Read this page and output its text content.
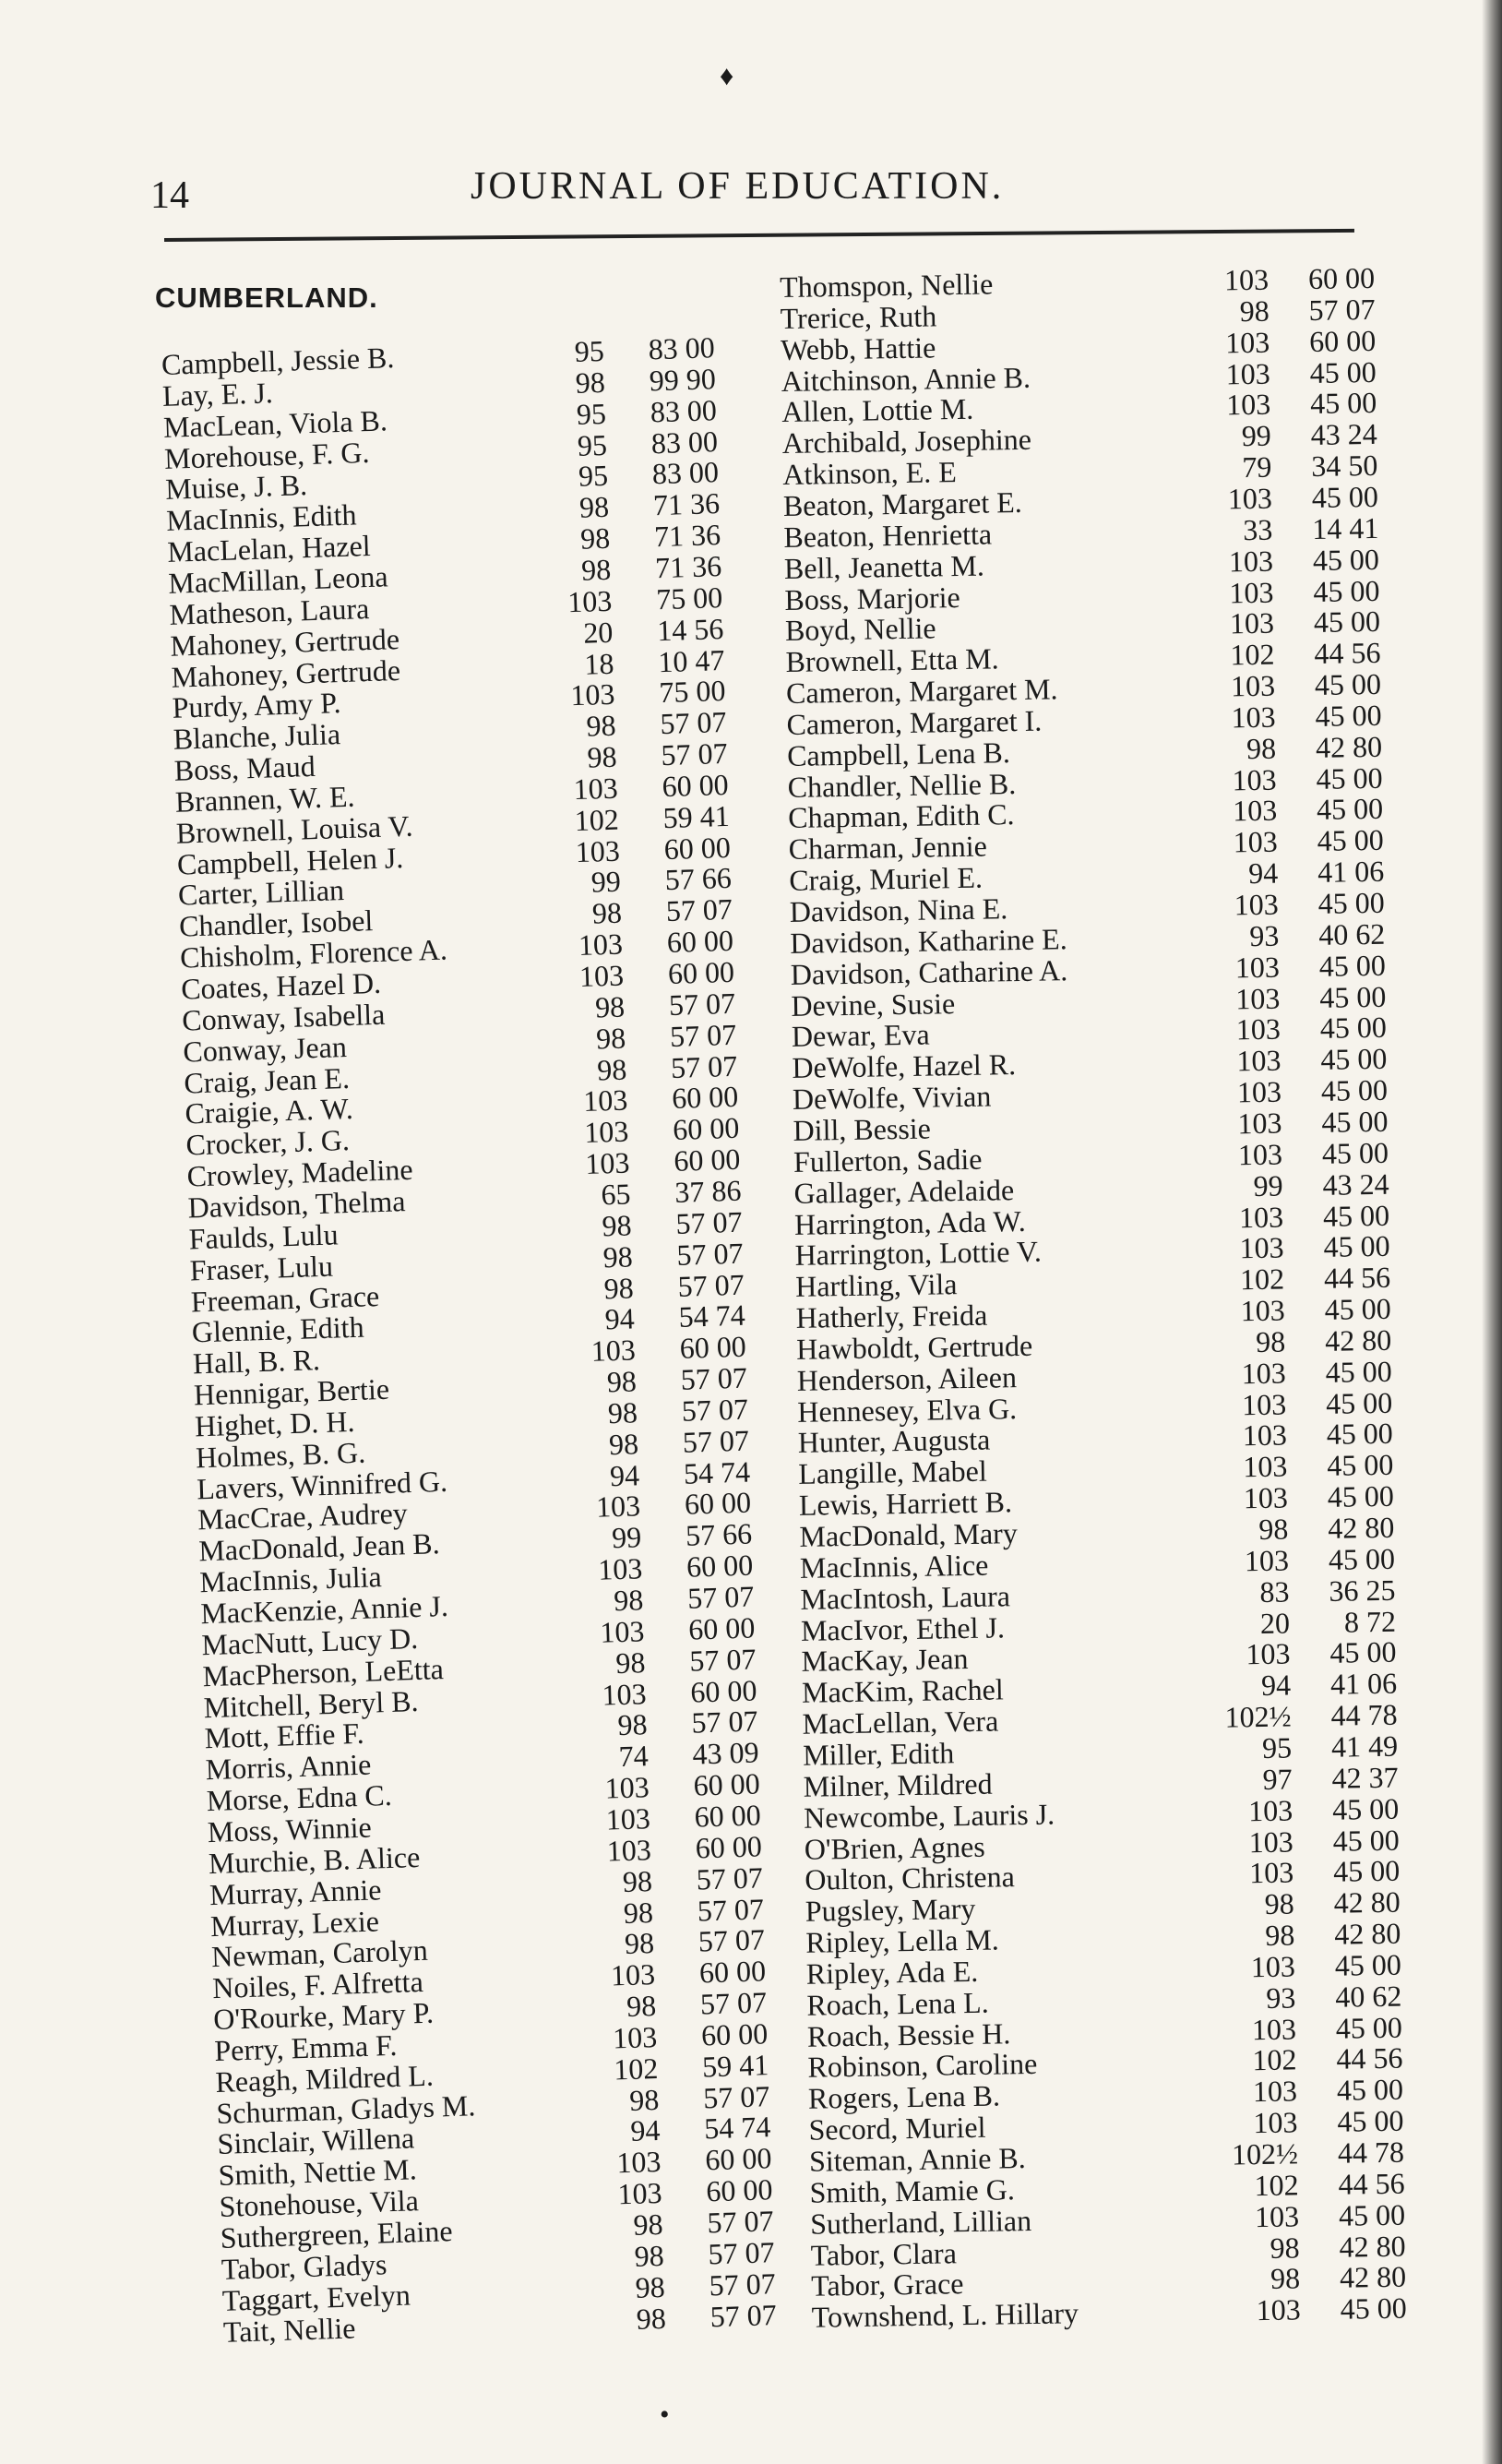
♦
14	JOURNAL OF EDUCATION.
CUMBERLAND.
Campbell, Jessie B.	95	83 00
Lay, E. J.	98	99 90
MacLean, Viola B.	95	83 00
Morehouse, F. G.	95	83 00
Muise, J. B.	95	83 00
MacInnis, Edith	98	71 36
MacLelan, Hazel	98	71 36
MacMillan, Leona	98	71 36
Matheson, Laura	103	75 00
Mahoney, Gertrude	20	14 56
Mahoney, Gertrude	18	10 47
Purdy, Amy P.	103	75 00
Blanche, Julia	98	57 07
Boss, Maud	98	57 07
Brannen, W. E.	103	60 00
Brownell, Louisa V.	102	59 41
Campbell, Helen J.	103	60 00
Carter, Lillian	99	57 66
Chandler, Isobel	98	57 07
Chisholm, Florence A.	103	60 00
Coates, Hazel D.	103	60 00
Conway, Isabella	98	57 07
Conway, Jean	98	57 07
Craig, Jean E.	98	57 07
Craigie, A. W.	103	60 00
Crocker, J. G.	103	60 00
Crowley, Madeline	103	60 00
Davidson, Thelma	65	37 86
Faulds, Lulu	98	57 07
Fraser, Lulu	98	57 07
Freeman, Grace	98	57 07
Glennie, Edith	94	54 74
Hall, B. R.	103	60 00
Hennigar, Bertie	98	57 07
Highet, D. H.	98	57 07
Holmes, B. G.	98	57 07
Lavers, Winnifred G.	94	54 74
MacCrae, Audrey	103	60 00
MacDonald, Jean B.	99	57 66
MacInnis, Julia	103	60 00
MacKenzie, Annie J.	98	57 07
MacNutt, Lucy D.	103	60 00
MacPherson, LeEtta	98	57 07
Mitchell, Beryl B.	103	60 00
Mott, Effie F.	98	57 07
Morris, Annie	74	43 09
Morse, Edna C.	103	60 00
Moss, Winnie	103	60 00
Murchie, B. Alice	103	60 00
Murray, Annie	98	57 07
Murray, Lexie	98	57 07
Newman, Carolyn	98	57 07
Noiles, F. Alfretta	103	60 00
O'Rourke, Mary P.	98	57 07
Perry, Emma F.	103	60 00
Reagh, Mildred L.	102	59 41
Schurman, Gladys M.	98	57 07
Sinclair, Willena	94	54 74
Smith, Nettie M.	103	60 00
Stonehouse, Vila	103	60 00
Suthergreen, Elaine	98	57 07
Tabor, Gladys	98	57 07
Taggart, Evelyn	98	57 07
Tait, Nellie	98	57 07
Thomspon, Nellie	103	60 00
Trerice, Ruth	98	57 07
Webb, Hattie	103	60 00
Aitchinson, Annie B.	103	45 00
Allen, Lottie M.	103	45 00
Archibald, Josephine	99	43 24
Atkinson, E. E	79	34 50
Beaton, Margaret E.	103	45 00
Beaton, Henrietta	33	14 41
Bell, Jeanetta M.	103	45 00
Boss, Marjorie	103	45 00
Boyd, Nellie	103	45 00
Brownell, Etta M.	102	44 56
Cameron, Margaret M.	103	45 00
Cameron, Margaret I.	103	45 00
Campbell, Lena B.	98	42 80
Chandler, Nellie B.	103	45 00
Chapman, Edith C.	103	45 00
Charman, Jennie	103	45 00
Craig, Muriel E.	94	41 06
Davidson, Nina E.	103	45 00
Davidson, Katharine E.	93	40 62
Davidson, Catharine A.	103	45 00
Devine, Susie	103	45 00
Dewar, Eva	103	45 00
DeWolfe, Hazel R.	103	45 00
DeWolfe, Vivian	103	45 00
Dill, Bessie	103	45 00
Fullerton, Sadie	103	45 00
Gallager, Adelaide	99	43 24
Harrington, Ada W.	103	45 00
Harrington, Lottie V.	103	45 00
Hartling, Vila	102	44 56
Hatherly, Freida	103	45 00
Hawboldt, Gertrude	98	42 80
Henderson, Aileen	103	45 00
Hennesey, Elva G.	103	45 00
Hunter, Augusta	103	45 00
Langille, Mabel	103	45 00
Lewis, Harriett B.	103	45 00
MacDonald, Mary	98	42 80
MacInnis, Alice	103	45 00
MacIntosh, Laura	83	36 25
MacIvor, Ethel J.	20	8 72
MacKay, Jean	103	45 00
MacKim, Rachel	94	41 06
MacLellan, Vera	102½	44 78
Miller, Edith	95	41 49
Milner, Mildred	97	42 37
Newcombe, Lauris J.	103	45 00
O'Brien, Agnes	103	45 00
Oulton, Christena	103	45 00
Pugsley, Mary	98	42 80
Ripley, Lella M.	98	42 80
Ripley, Ada E.	103	45 00
Roach, Lena L.	93	40 62
Roach, Bessie H.	103	45 00
Robinson, Caroline	102	44 56
Rogers, Lena B.	103	45 00
Secord, Muriel	103	45 00
Siteman, Annie B.	102½	44 78
Smith, Mamie G.	102	44 56
Sutherland, Lillian	103	45 00
Tabor, Clara	98	42 80
Tabor, Grace	98	42 80
Townshend, L. Hillary	103	45 00
•
